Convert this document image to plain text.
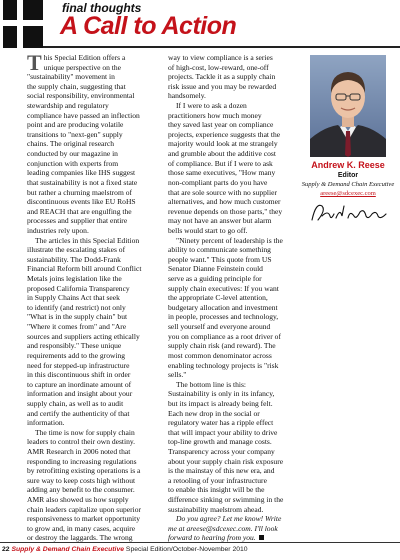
final thoughts
A Call to Action
T his Special Edition offers a
unique perspective on the
"sustainability" movement in
the supply chain, suggesting that
social responsibility, environmental
stewardship and regulatory
compliance have passed an inflection
point and are producing volatile
transitions to "next-gen" supply
chains. The original research
conducted by our magazine in
conjunction with experts from
leading companies like IHS suggest
that sustainability is not a fixed state
but rather a churning maelstrom of
discontinuous events like EU RoHS
and REACH that are engulfing the
processes and supplier that entire
industries rely upon.
The articles in this Special Edition
illustrate the escalating stakes of
sustainability. The Dodd-Frank
Financial Reform bill around Conflict
Metals joins legislation like the
proposed California Transparency
in Supply Chains Act that seek
to identify (and restrict) not only
"What is in the supply chain" but
"Where it comes from" and "Are
sources and suppliers acting ethically
and responsibly." These unique
requirements add to the growing
need for stepped-up infrastructure
in this discontinuous shift in order
to capture an inordinate amount of
information and insight about your
supply chain, as well as to audit
and certify the authenticity of that
information.
The time is now for supply chain
leaders to control their own destiny.
AMR Research in 2006 noted that
responding to increasing regulations
by retrofitting existing operations is a
sure way to keep costs high without
adding any benefit to the consumer.
AMR also showed us how supply
chain leaders capitalize upon superior
responsiveness to market opportunity
to grow and, in many cases, acquire
or destroy the laggards. The wrong
way to view compliance is a series
of high-cost, low-reward, one-off
projects. Tackle it as a supply chain
risk issue and you may be rewarded
handsomely.
If I were to ask a dozen
practitioners how much money
they saved last year on compliance
projects, experience suggests that the
majority would look at me strangely
and grumble about the additive cost
of compliance. But if I were to ask
those same executives, "How many
non-compliant parts do you have
that are sole source with no supplier
alternatives, and how much customer
revenue depends on those parts," they
may not have an answer but alarm
bells would start to go off.
"Ninety percent of leadership is the
ability to communicate something
people want." This quote from US
Senator Dianne Feinstein could
serve as a guiding principle for
supply chain executives: If you want
the appropriate C-level attention,
budgetary allocation and investment
in people, processes and technology,
sell yourself and everyone around
you on compliance as a root driver of
supply chain risk (and reward). The
most common denominator across
enabling technology projects is "risk
sells."
The bottom line is this:
Sustainability is only in its infancy,
but its impact is already being felt.
Each new drop in the social or
regulatory water has a ripple effect
that will impact your ability to drive
top-line growth and manage costs.
Transparency across your company
about your supply chain risk exposure
is the mainstay of this new era, and
a retooling of your infrastructure
to enable this insight will be the
difference sinking or swimming in the
sustainability maelstrom ahead.
Do you agree? Let me know! Write
me at areese@sdcexec.com. I'll look
forward to hearing from you.
Andrew K. Reese
Editor
Supply & Demand Chain Executive
areese@sdcexec.com
22 Supply & Demand Chain Executive Special Edition/October-November 2010
